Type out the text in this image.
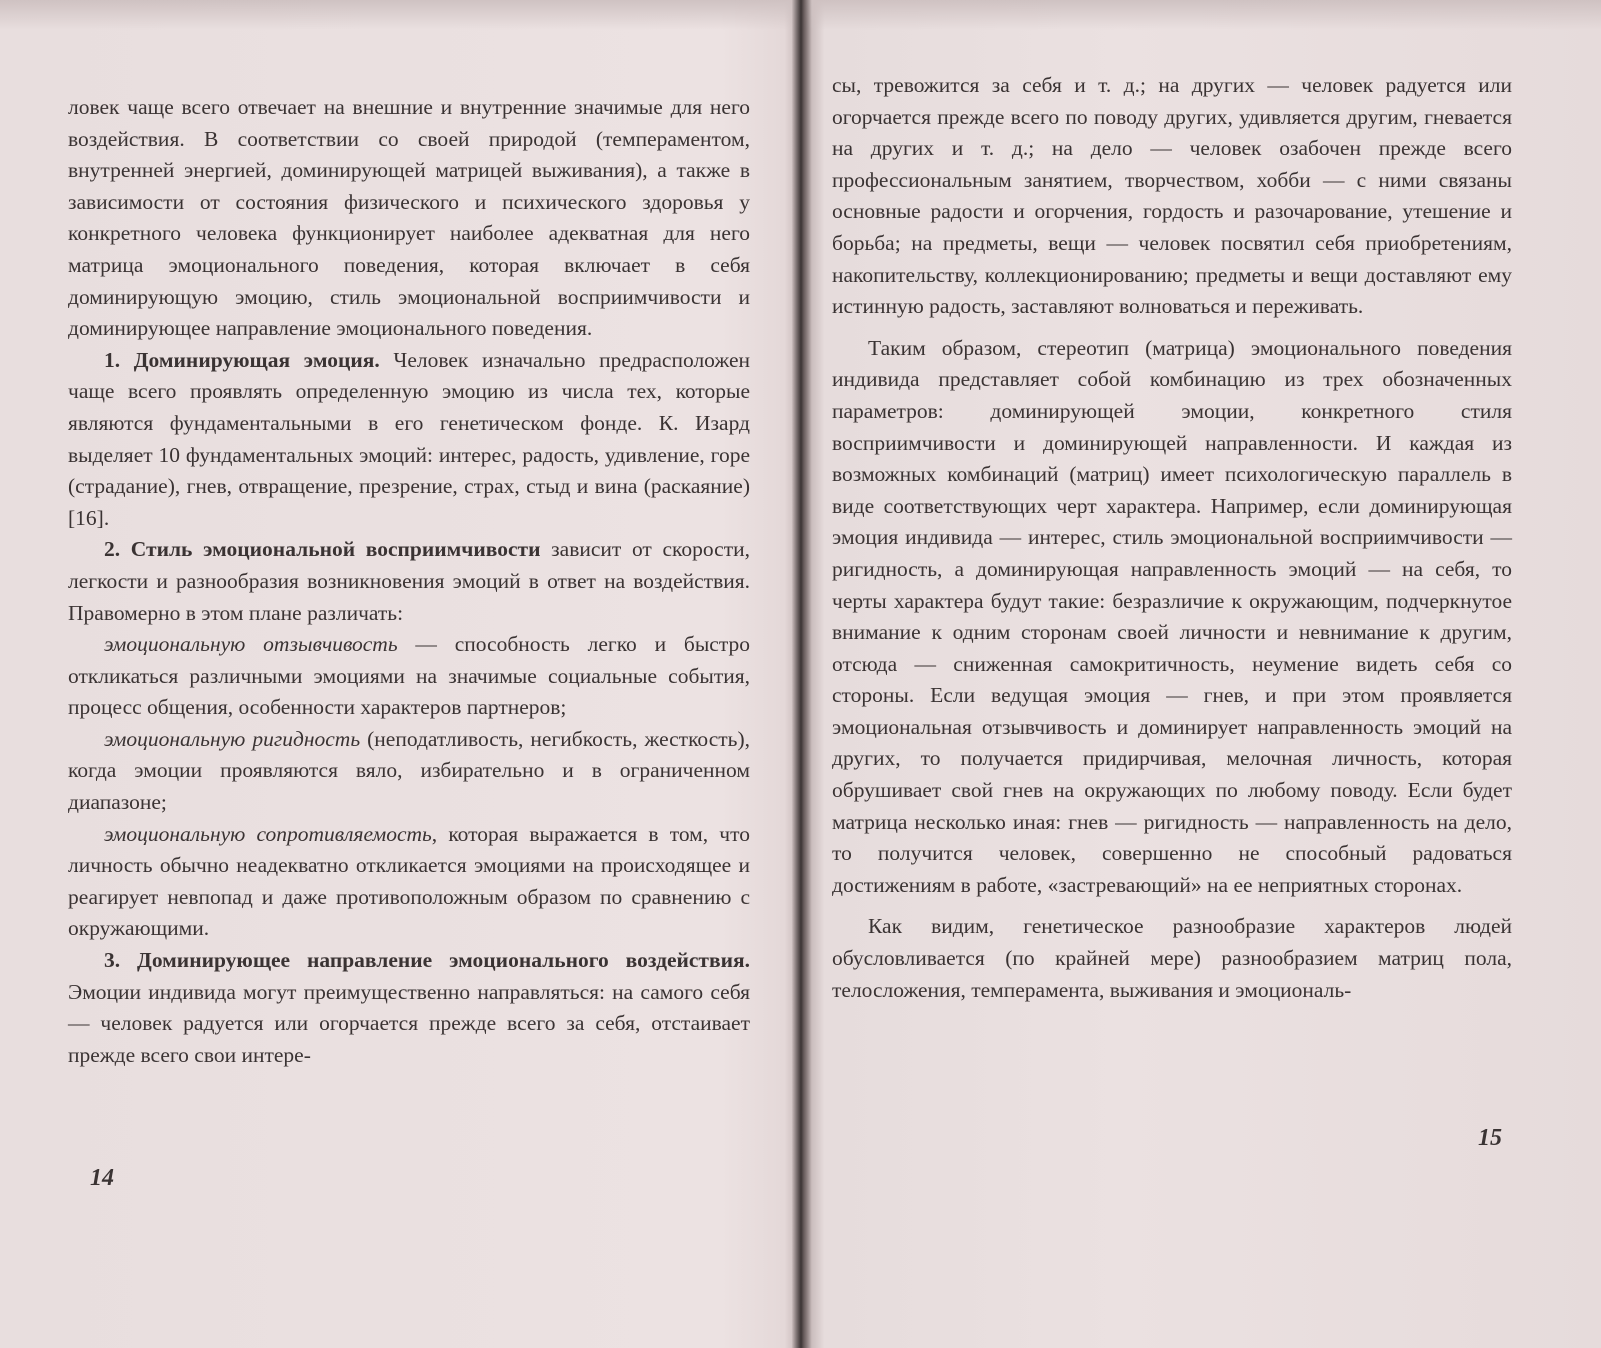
ловек чаще всего отвечает на внешние и внутренние значимые для него воздействия. В соответствии со своей природой (темпераментом, внутренней энергией, доминирующей матрицей выживания), а также в зависимости от состояния физического и психического здоровья у конкретного человека функционирует наиболее адекватная для него матрица эмоционального поведения, которая включает в себя доминирующую эмоцию, стиль эмоциональной восприимчивости и доминирующее направление эмоционального поведения.

1. Доминирующая эмоция. Человек изначально предрасположен чаще всего проявлять определенную эмоцию из числа тех, которые являются фундаментальными в его генетическом фонде. К. Изард выделяет 10 фундаментальных эмоций: интерес, радость, удивление, горе (страдание), гнев, отвращение, презрение, страх, стыд и вина (раскаяние) [16].

2. Стиль эмоциональной восприимчивости зависит от скорости, легкости и разнообразия возникновения эмоций в ответ на воздействия. Правомерно в этом плане различать:

эмоциональную отзывчивость — способность легко и быстро откликаться различными эмоциями на значимые социальные события, процесс общения, особенности характеров партнеров;

эмоциональную ригидность (неподатливость, негибкость, жесткость), когда эмоции проявляются вяло, избирательно и в ограниченном диапазоне;

эмоциональную сопротивляемость, которая выражается в том, что личность обычно неадекватно откликается эмоциями на происходящее и реагирует невпопад и даже противоположным образом по сравнению с окружающими.

3. Доминирующее направление эмоционального воздействия. Эмоции индивида могут преимущественно направляться: на самого себя — человек радуется или огорчается прежде всего за себя, отстаивает прежде всего свои интере-

14

сы, тревожится за себя и т. д.; на других — человек радуется или огорчается прежде всего по поводу других, удивляется другим, гневается на других и т. д.; на дело — человек озабочен прежде всего профессиональным занятием, творчеством, хобби — с ними связаны основные радости и огорчения, гордость и разочарование, утешение и борьба; на предметы, вещи — человек посвятил себя приобретениям, накопительству, коллекционированию; предметы и вещи доставляют ему истинную радость, заставляют волноваться и переживать.

Таким образом, стереотип (матрица) эмоционального поведения индивида представляет собой комбинацию из трех обозначенных параметров: доминирующей эмоции, конкретного стиля восприимчивости и доминирующей направленности. И каждая из возможных комбинаций (матриц) имеет психологическую параллель в виде соответствующих черт характера. Например, если доминирующая эмоция индивида — интерес, стиль эмоциональной восприимчивости — ригидность, а доминирующая направленность эмоций — на себя, то черты характера будут такие: безразличие к окружающим, подчеркнутое внимание к одним сторонам своей личности и невнимание к другим, отсюда — сниженная самокритичность, неумение видеть себя со стороны. Если ведущая эмоция — гнев, и при этом проявляется эмоциональная отзывчивость и доминирует направленность эмоций на других, то получается придирчивая, мелочная личность, которая обрушивает свой гнев на окружающих по любому поводу. Если будет матрица несколько иная: гнев — ригидность — направленность на дело, то получится человек, совершенно не способный радоваться достижениям в работе, «застревающий» на ее неприятных сторонах.

Как видим, генетическое разнообразие характеров людей обусловливается (по крайней мере) разнообразием матриц пола, телосложения, темперамента, выживания и эмоциональ-

15
